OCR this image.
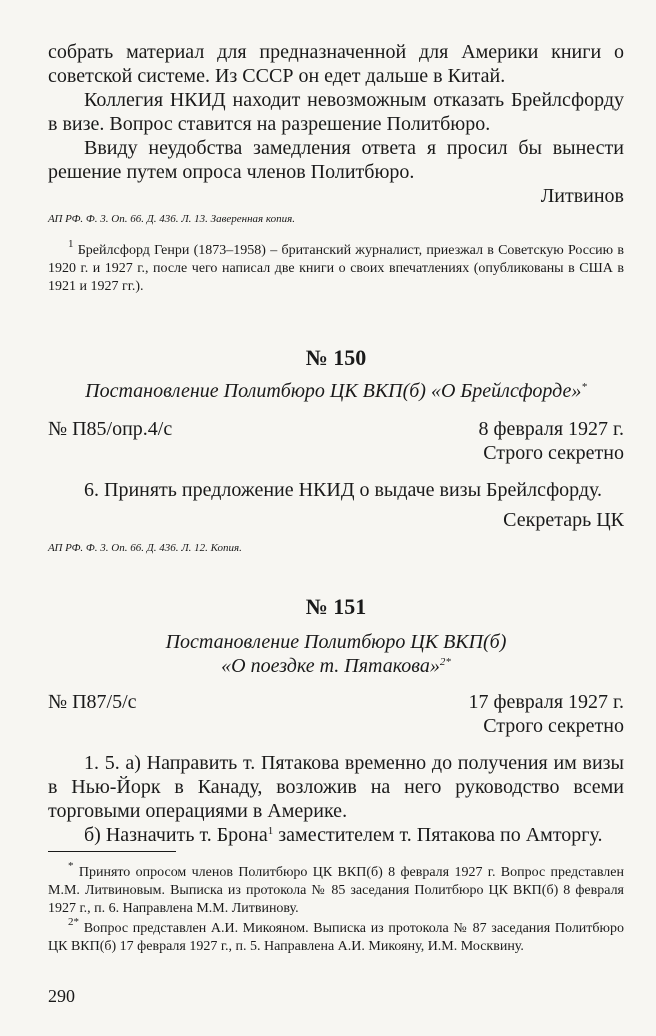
собрать материал для предназначенной для Америки книги о советской системе. Из СССР он едет дальше в Китай.

Коллегия НКИД находит невозможным отказать Брейлсфорду в визе. Вопрос ставится на разрешение Политбюро.

Ввиду неудобства замедления ответа я просил бы вынести решение путем опроса членов Политбюро.

Литвинов
АП РФ. Ф. 3. Оп. 66. Д. 436. Л. 13. Заверенная копия.
$^1$ Брейлсфорд Генри (1873–1958) – британский журналист, приезжал в Советскую Россию в 1920 г. и 1927 г., после чего написал две книги о своих впечатлениях (опубликованы в США в 1921 и 1927 гг.).
№ 150
Постановление Политбюро ЦК ВКП(б) «О Брейлсфорде»*
№ П85/опр.4/с	8 февраля 1927 г.
Строго секретно
6. Принять предложение НКИД о выдаче визы Брейлсфорду.
Секретарь ЦК
АП РФ. Ф. 3. Оп. 66. Д. 436. Л. 12. Копия.
№ 151
Постановление Политбюро ЦК ВКП(б)
«О поездке т. Пятакова»$^{2*}$
№ П87/5/с	17 февраля 1927 г.
Строго секретно

1. 5. а) Направить т. Пятакова временно до получения им визы в Нью-Йорк в Канаду, возложив на него руководство всеми торговыми операциями в Америке.

б) Назначить т. Брона$^1$ заместителем т. Пятакова по Амторгу.

* Принято опросом членов Политбюро ЦК ВКП(б) 8 февраля 1927 г. Вопрос представлен М.М. Литвиновым. Выписка из протокола № 85 заседания Политбюро ЦК ВКП(б) 8 февраля 1927 г., п. 6. Направлена М.М. Литвинову.
$^{2*}$ Вопрос представлен А.И. Микояном. Выписка из протокола № 87 заседания Политбюро ЦК ВКП(б) 17 февраля 1927 г., п. 5. Направлена А.И. Микояну, И.М. Москвину.
290
